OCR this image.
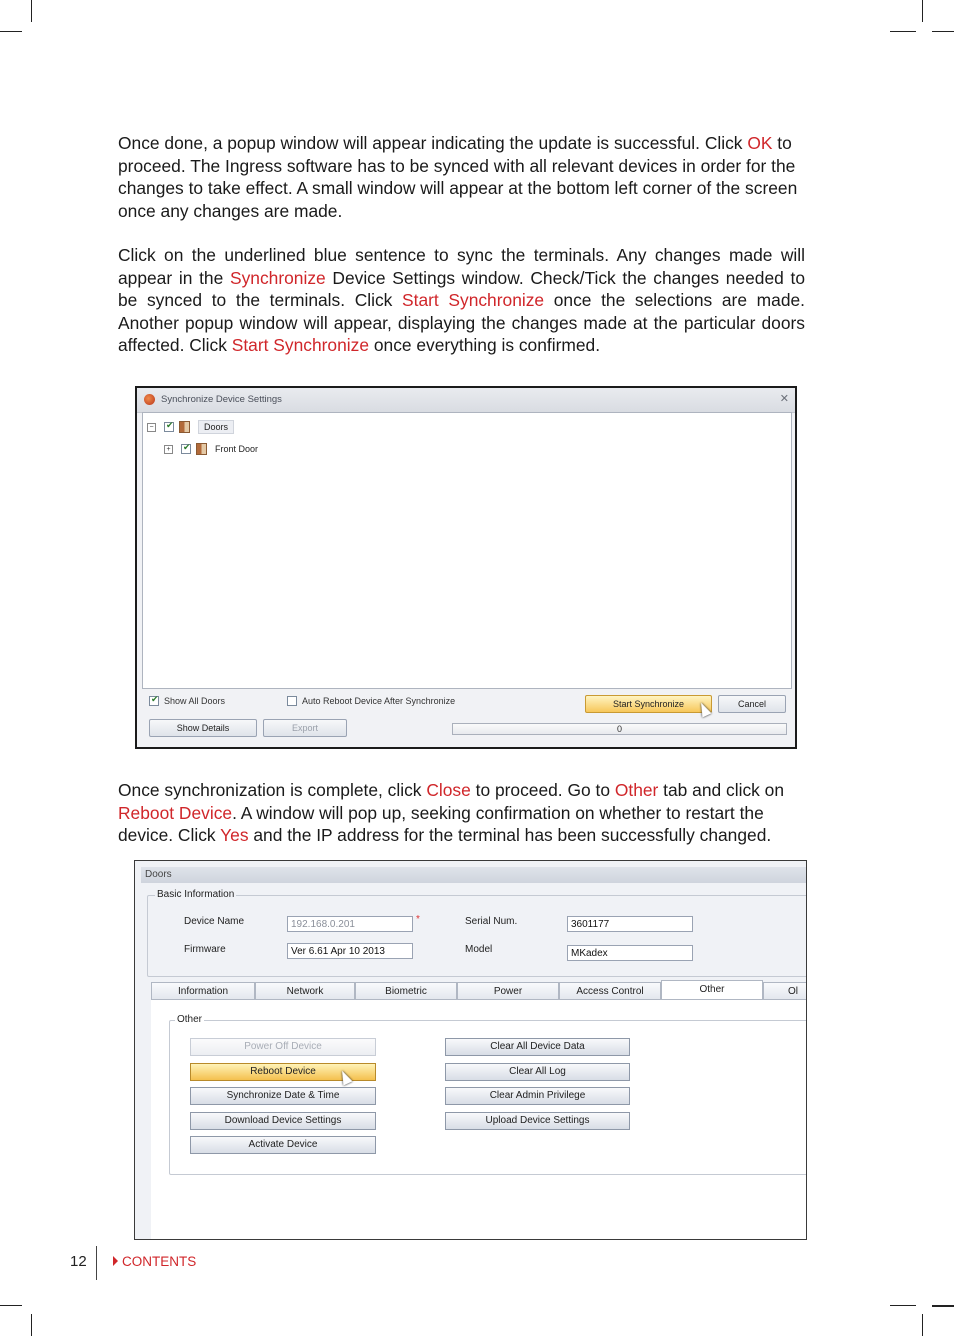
Once done, a popup window will appear indicating the update is successful. Click OK to proceed. The Ingress software has to be synced with all relevant devices in order for the changes to take effect. A small window will appear at the bottom left corner of the screen once any changes are made.

Click on the underlined blue sentence to sync the terminals. Any changes made will appear in the Synchronize Device Settings window. Check/Tick the changes needed to be synced to the terminals. Click Start Synchronize once the selections are made. Another popup window will appear, displaying the changes made at the particular doors affected. Click Start Synchronize once everything is confirmed.

Synchronize Device Settings	✕
− ✔	Doors
+ ✔	Front Door
✔
Show All Doors	Auto Reboot Device After Synchronize	Start Synchronize	Cancel
Show Details	Export	0

Once synchronization is complete, click Close to proceed. Go to Other tab and click on Reboot Device. A window will pop up, seeking confirmation on whether to restart the device. Click Yes and the IP address for the terminal has been successfully changed.

Doors
Basic Information
Device Name	192.168.0.201	*
Firmware	Ver 6.61 Apr 10 2013
Serial Num.	3601177
Model	MKadex
Information	Network	Biometric	Power	Access Control	Other	Ol
Other
Power Off Device
Reboot Device
Synchronize Date & Time
Download Device Settings
Activate Device
Clear All Device Data
Clear All Log
Clear Admin Privilege
Upload Device Settings
12	CONTENTS
